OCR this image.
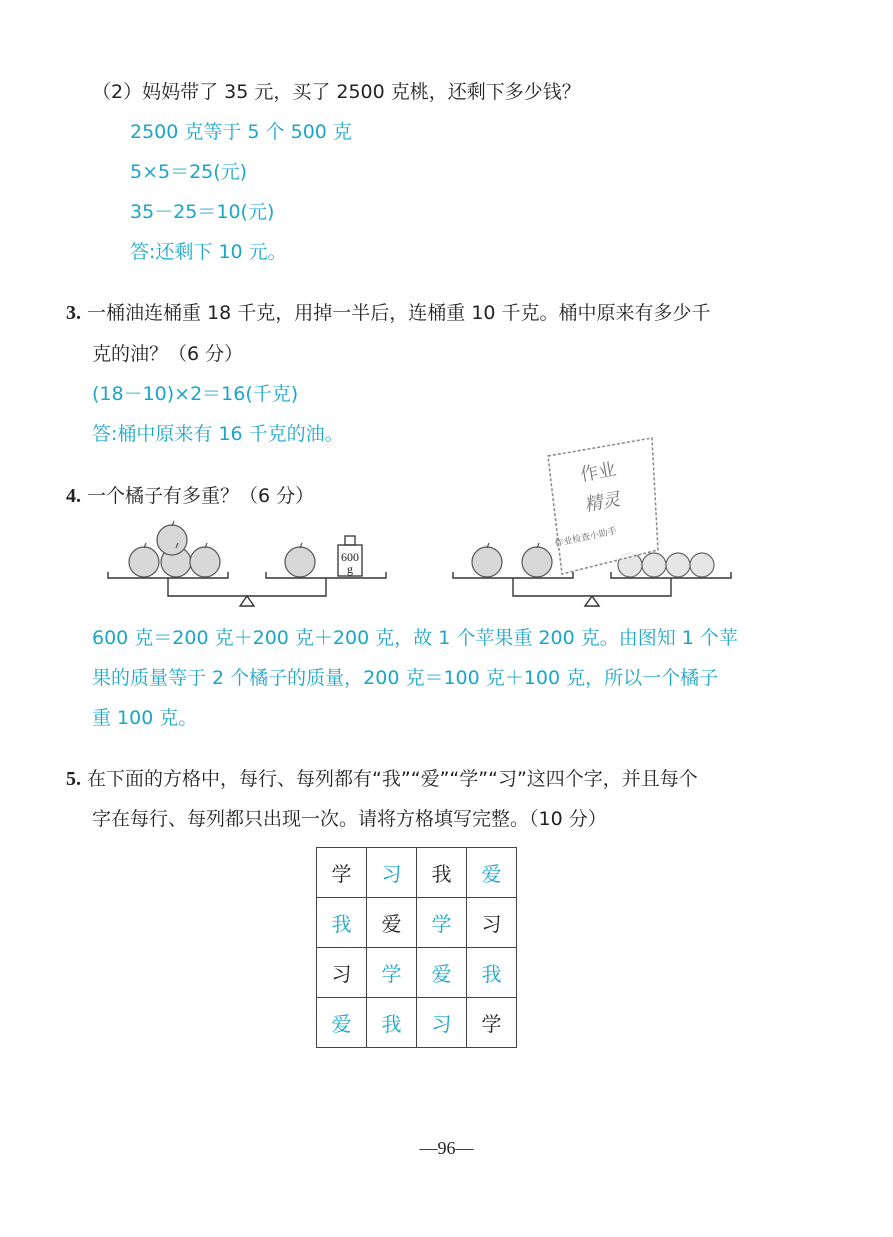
（2）妈妈带了 35 元，买了 2500 克桃，还剩下多少钱？
2500 克等于 5 个 500 克
5×5＝25(元)
35－25＝10(元)
答:还剩下 10 元。
3. 一桶油连桶重 18 千克，用掉一半后，连桶重 10 千克。桶中原来有多少千
克的油？（6 分）
(18－10)×2＝16(千克)
答:桶中原来有 16 千克的油。
4. 一个橘子有多重？（6 分）
600
g
作业
精灵
作业检查小助手
600 克＝200 克＋200 克＋200 克，故 1 个苹果重 200 克。由图知 1 个苹
果的质量等于 2 个橘子的质量，200 克＝100 克＋100 克，所以一个橘子
重 100 克。
5. 在下面的方格中，每行、每列都有“我”“爱”“学”“习”这四个字，并且每个
字在每行、每列都只出现一次。请将方格填写完整。（10 分）
学	习	我	爱
我	爱	学	习
习	学	爱	我
爱	我	习	学
—96—
